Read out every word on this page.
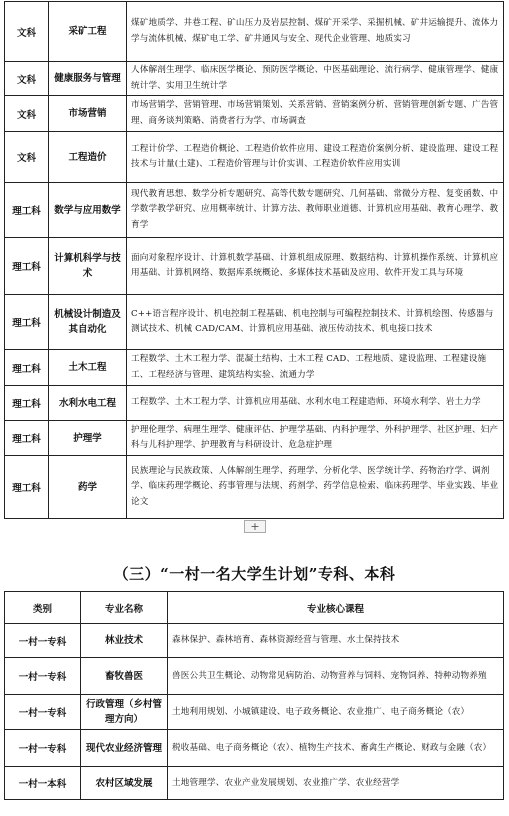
文科	采矿工程	煤矿地质学、井巷工程、矿山压力及岩层控制、煤矿开采学、采掘机械、矿井运输提升、流体力学与流体机械、煤矿电工学、矿井通风与安全、现代企业管理、地质实习
文科	健康服务与管理	人体解剖生理学、临床医学概论、预防医学概论、中医基础理论、流行病学、健康管理学、健康统计学、实用卫生统计学
文科	市场营销	市场营销学、营销管理、市场营销策划、关系营销、营销案例分析、营销管理创新专题、广告管理、商务谈判策略、消费者行为学、市场调查
文科	工程造价	工程计价学、工程造价概论、工程造价软件应用、建设工程造价案例分析、建设监理、建设工程技术与计量(土建)、工程造价管理与计价实训、工程造价软件应用实训
理工科	数学与应用数学	现代教育思想、数学分析专题研究、高等代数专题研究、几何基础、常微分方程、复变函数、中学数学教学研究、应用概率统计、计算方法、教师职业道德、计算机应用基础、教育心理学、教育学
理工科	计算机科学与技术	面向对象程序设计、计算机数学基础、计算机组成原理、数据结构、计算机操作系统、计算机应用基础、计算机网络、数据库系统概论、多媒体技术基础及应用、软件开发工具与环境
理工科	机械设计制造及其自动化	C++语言程序设计、机电控制工程基础、机电控制与可编程控制技术、计算机绘图、传感器与测试技术、机械 CAD/CAM、计算机应用基础、液压传动技术、机电接口技术
理工科	土木工程	工程数学、土木工程力学、混凝土结构、土木工程 CAD、工程地质、建设监理、工程建设施工、工程经济与管理、建筑结构实验、流通力学
理工科	水利水电工程	工程数学、土木工程力学、计算机应用基础、水利水电工程建造师、环境水利学、岩土力学
理工科	护理学	护理伦理学、病理生理学、健康评估、护理学基础、内科护理学、外科护理学、社区护理、妇产科与儿科护理学、护理教育与科研设计、危急症护理
理工科	药学	民族理论与民族政策、人体解剖生理学、药理学、分析化学、医学统计学、药物治疗学、调剂学、临床药理学概论、药事管理与法规、药剂学、药学信息检索、临床药理学、毕业实践、毕业论文
+
（三）“一村一名大学生计划”专科、本科
类别	专业名称	专业核心课程
一村一专科	林业技术	森林保护、森林培育、森林资源经营与管理、水土保持技术
一村一专科	畜牧兽医	兽医公共卫生概论、动物常见病防治、动物营养与饲料、宠物饲养、特种动物养殖
一村一专科	行政管理（乡村管理方向）	土地利用规划、小城镇建设、电子政务概论、农业推广、电子商务概论（农）
一村一专科	现代农业经济管理	税收基础、电子商务概论（农）、植物生产技术、畜禽生产概论、财政与金融（农）
一村一本科	农村区域发展	土地管理学、农业产业发展规划、农业推广学、农业经营学
